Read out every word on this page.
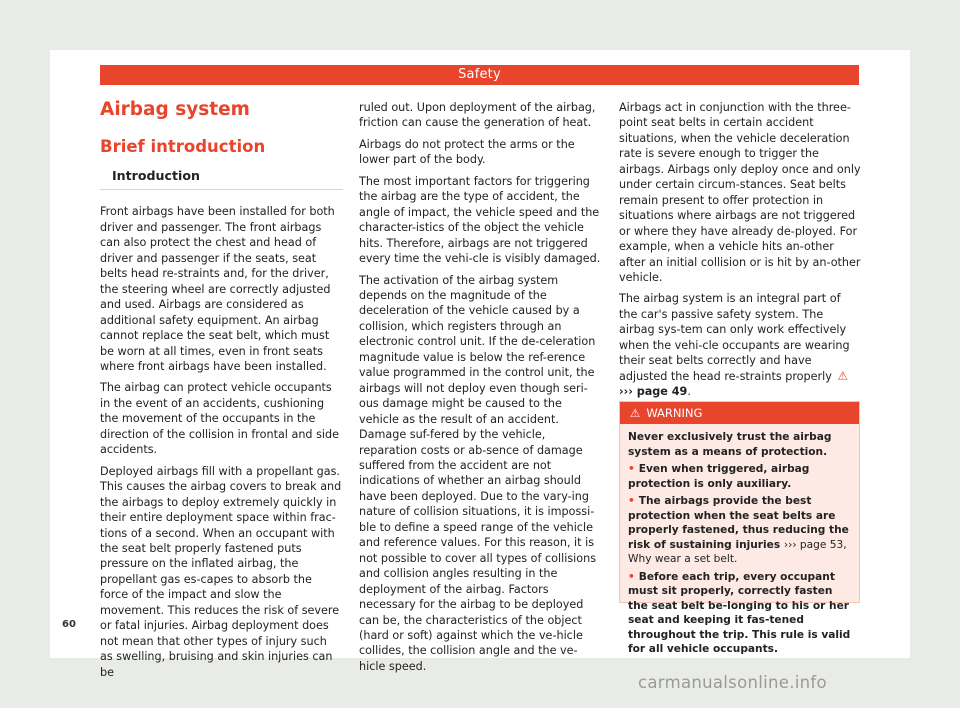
Safety
Airbag system
Brief introduction
Introduction

Front airbags have been installed for both driver and passenger. The front airbags can also protect the chest and head of driver and passenger if the seats, seat belts head re-straints and, for the driver, the steering wheel are correctly adjusted and used. Airbags are considered as additional safety equipment. An airbag cannot replace the seat belt, which must be worn at all times, even in front seats where front airbags have been installed.

The airbag can protect vehicle occupants in the event of an accidents, cushioning the movement of the occupants in the direction of the collision in frontal and side accidents.

Deployed airbags fill with a propellant gas. This causes the airbag covers to break and the airbags to deploy extremely quickly in their entire deployment space within frac-tions of a second. When an occupant with the seat belt properly fastened puts pressure on the inflated airbag, the propellant gas es-capes to absorb the force of the impact and slow the movement. This reduces the risk of severe or fatal injuries. Airbag deployment does not mean that other types of injury such as swelling, bruising and skin injuries can be

ruled out. Upon deployment of the airbag, friction can cause the generation of heat.

Airbags do not protect the arms or the lower part of the body.

The most important factors for triggering the airbag are the type of accident, the angle of impact, the vehicle speed and the character-istics of the object the vehicle hits. Therefore, airbags are not triggered every time the vehi-cle is visibly damaged.

The activation of the airbag system depends on the magnitude of the deceleration of the vehicle caused by a collision, which registers through an electronic control unit. If the de-celeration magnitude value is below the ref-erence value programmed in the control unit, the airbags will not deploy even though seri-ous damage might be caused to the vehicle as the result of an accident. Damage suf-fered by the vehicle, reparation costs or ab-sence of damage suffered from the accident are not indications of whether an airbag should have been deployed. Due to the vary-ing nature of collision situations, it is impossi-ble to define a speed range of the vehicle and reference values. For this reason, it is not possible to cover all types of collisions and collision angles resulting in the deployment of the airbag. Factors necessary for the airbag to be deployed can be, the characteristics of the object (hard or soft) against which the ve-hicle collides, the collision angle and the ve-hicle speed.

Airbags act in conjunction with the three-point seat belts in certain accident situations, when the vehicle deceleration rate is severe enough to trigger the airbags. Airbags only deploy once and only under certain circum-stances. Seat belts remain present to offer protection in situations where airbags are not triggered or where they have already de-ployed. For example, when a vehicle hits an-other after an initial collision or is hit by an-other vehicle.

The airbag system is an integral part of the car's passive safety system. The airbag sys-tem can only work effectively when the vehi-cle occupants are wearing their seat belts correctly and have adjusted the head re-straints properly ⚠ ››› page 49.

⚠ WARNING

Never exclusively trust the airbag system as a means of protection.

• Even when triggered, airbag protection is only auxiliary.

• The airbags provide the best protection when the seat belts are properly fastened, thus reducing the risk of sustaining injuries ››› page 53, Why wear a set belt.

• Before each trip, every occupant must sit properly, correctly fasten the seat belt be-longing to his or her seat and keeping it fas-tened throughout the trip. This rule is valid for all vehicle occupants.

60
carmanualsonline.info
